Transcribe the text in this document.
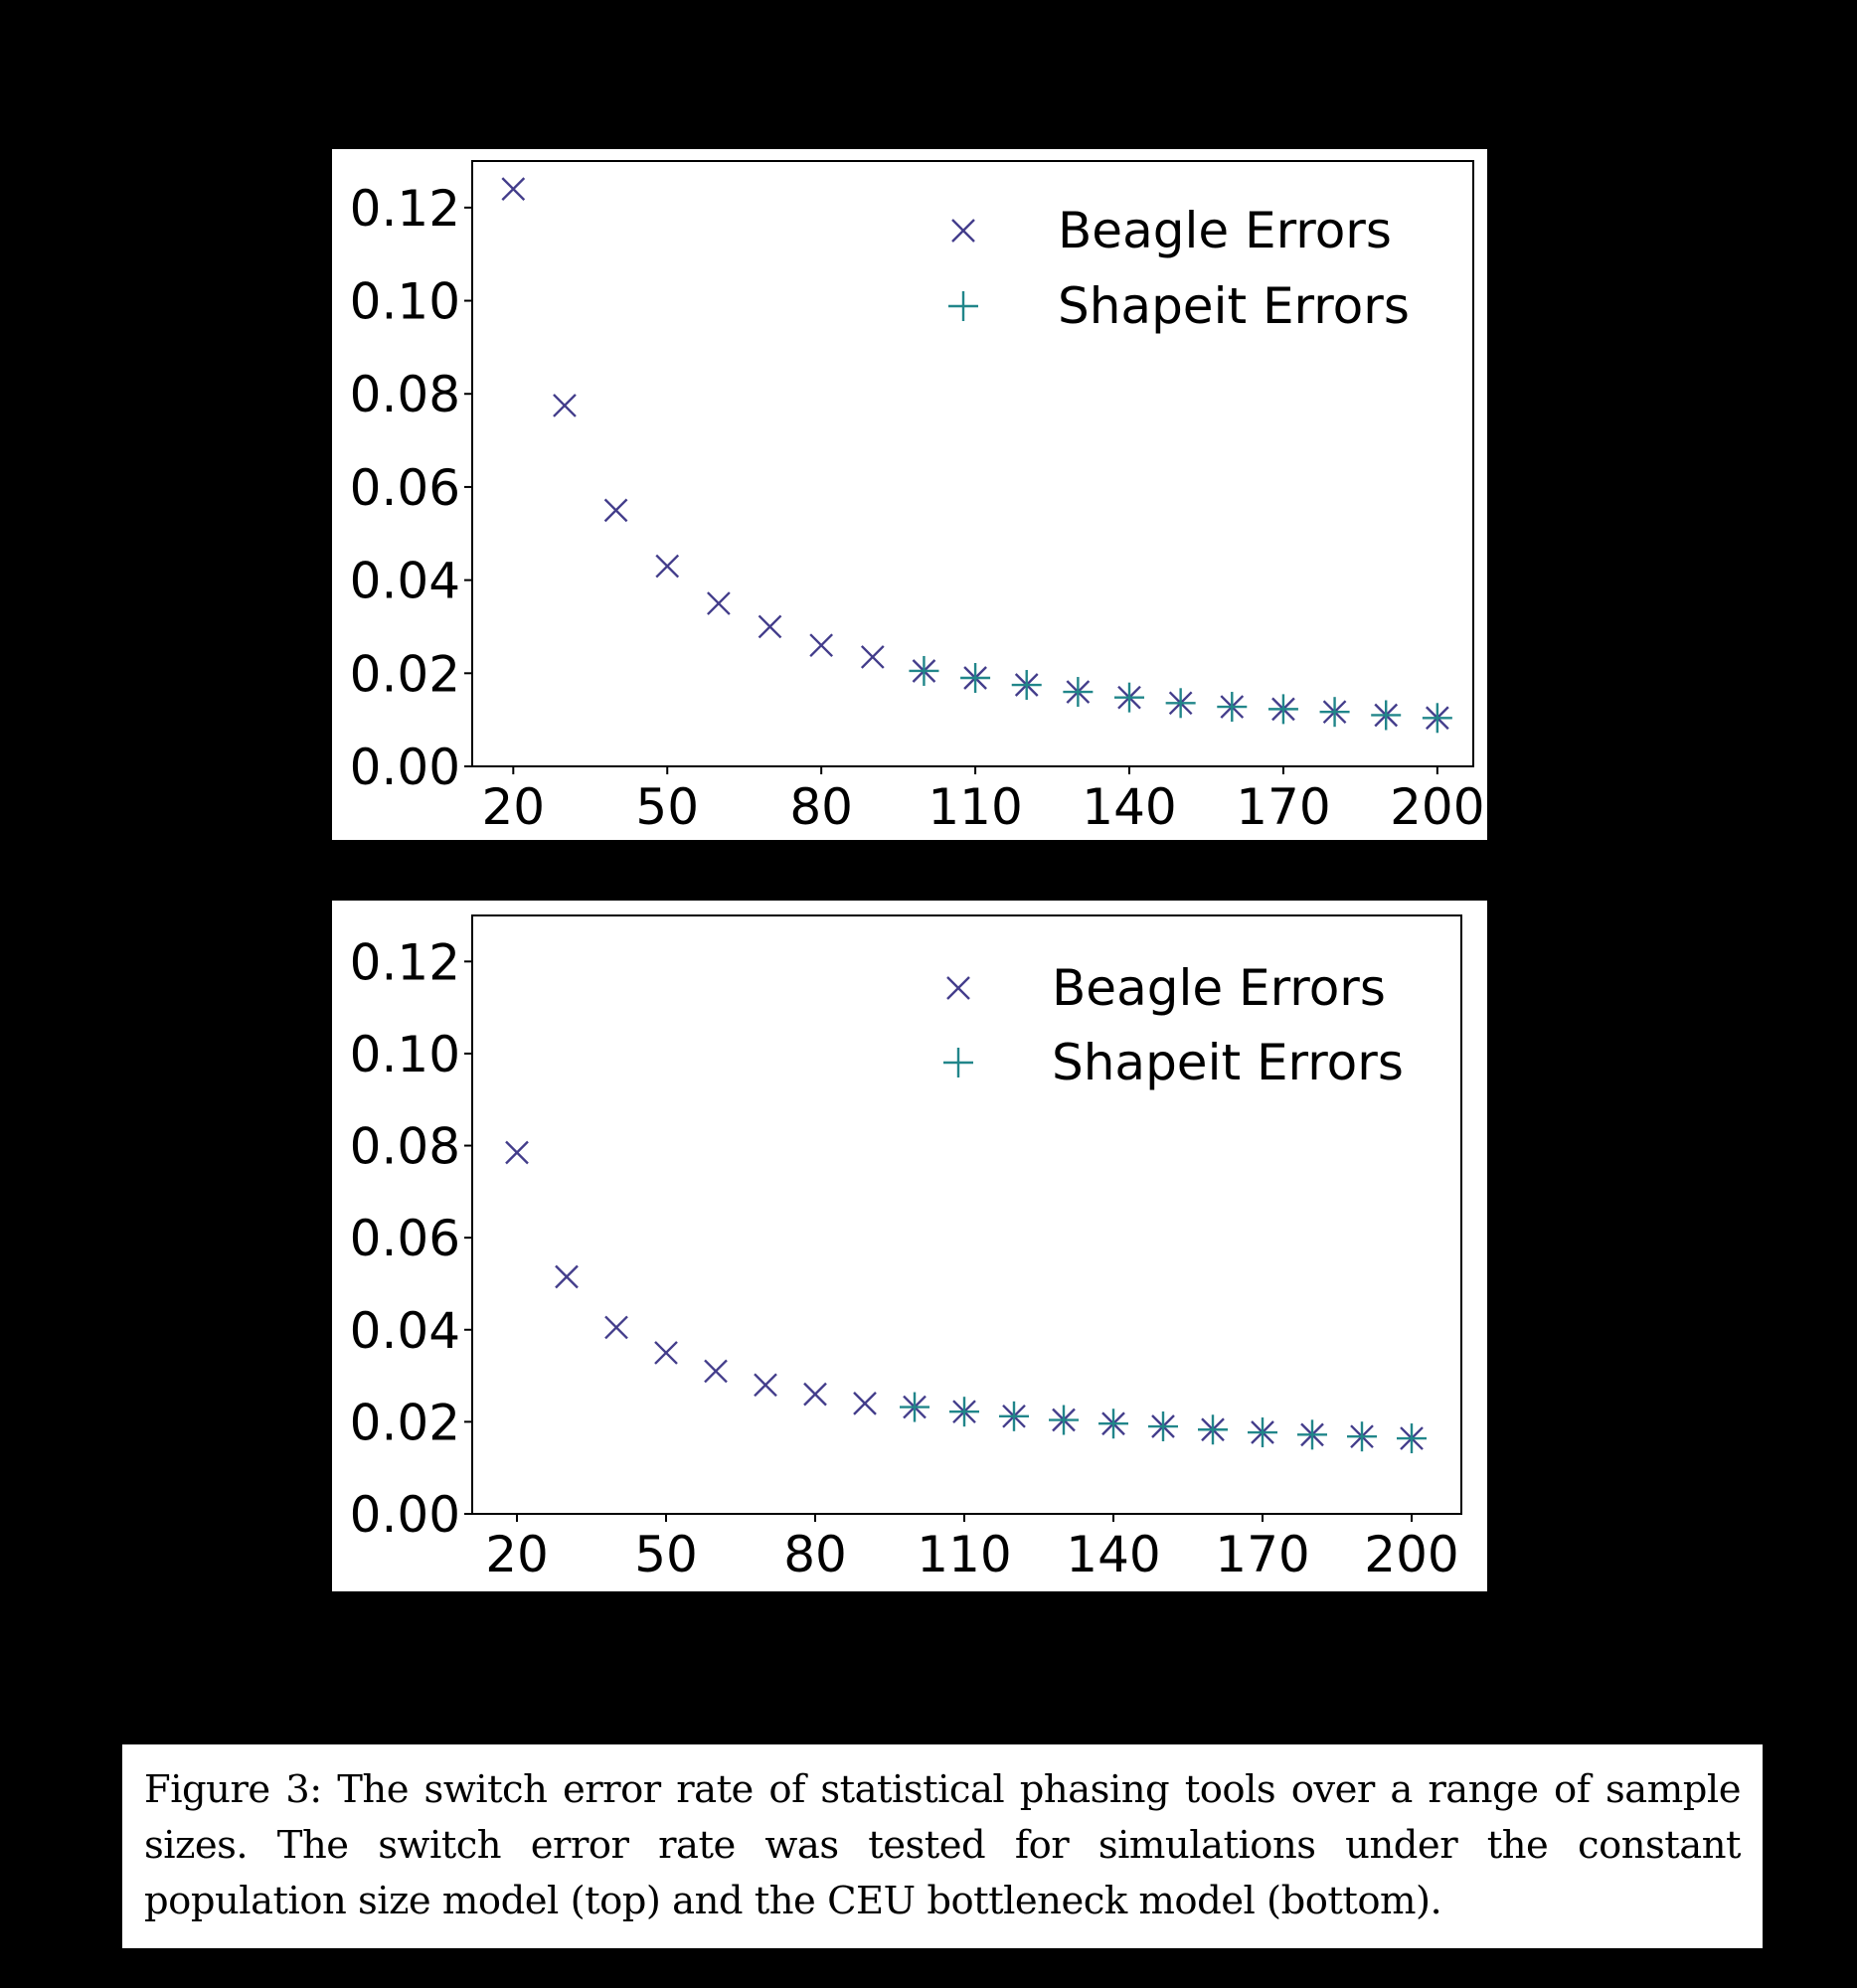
0.00
0.02
0.04
0.06
0.08
0.10
0.12
20 50 80 110 140 170 200
Beagle Errors
Shapeit Errors
0.00
0.02
0.04
0.06
0.08
0.10
0.12
20 50 80 110 140 170 200
Beagle Errors
Shapeit Errors
Figure 3: The switch error rate of statistical phasing tools over a range of sample sizes. The switch error rate was tested for simulations under the constant population size model (top) and the CEU bottleneck model (bottom).
